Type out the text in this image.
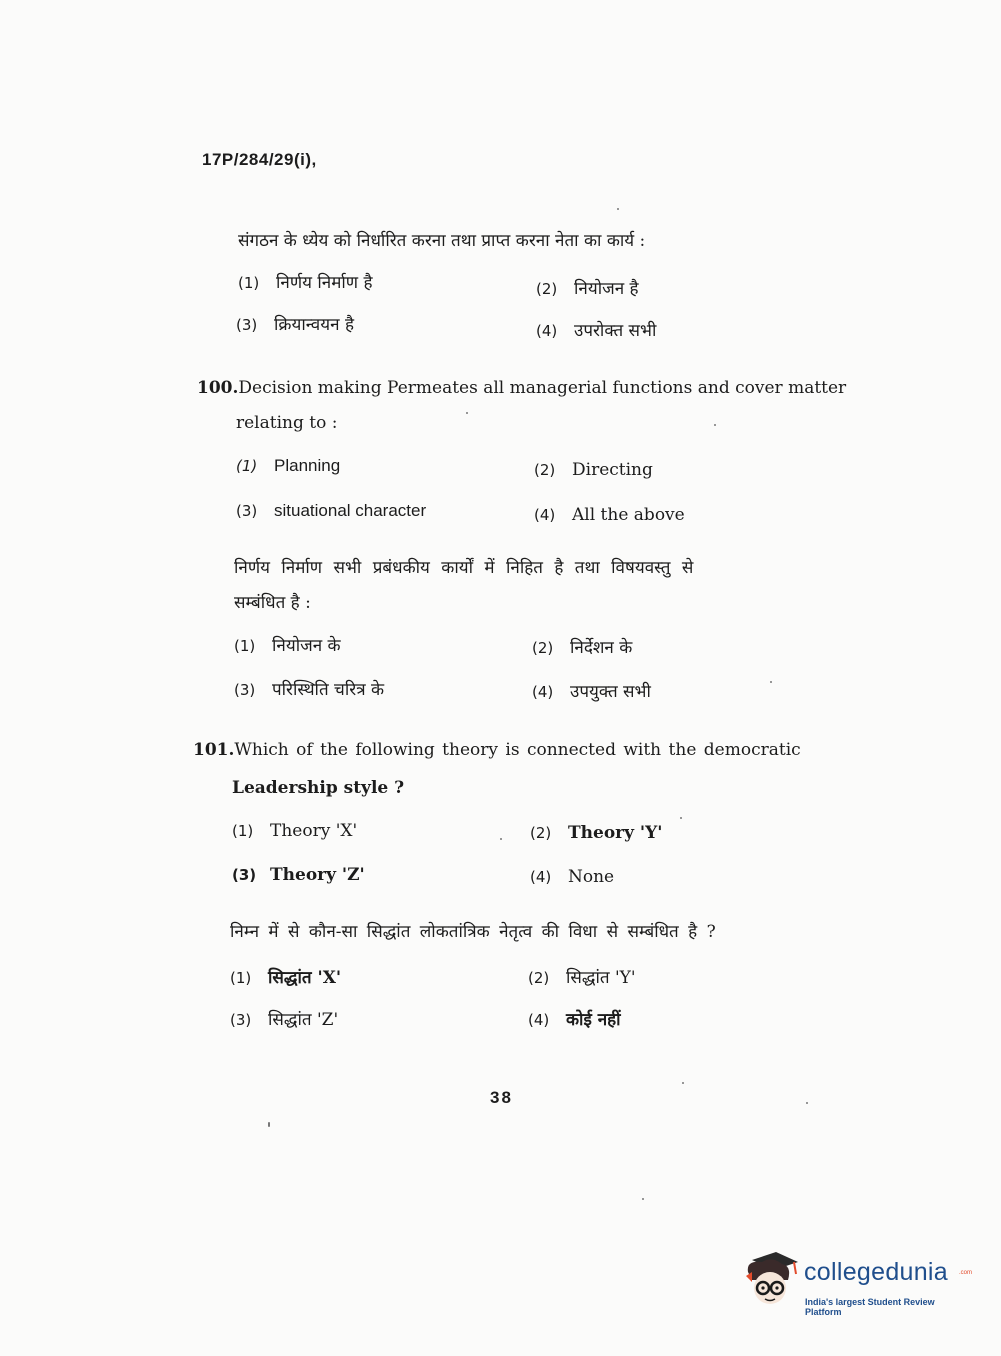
17P/284/29(i),
संगठन के ध्येय को निर्धारित करना तथा प्राप्त करना नेता का कार्य :
(1) निर्णय निर्माण है	(2) नियोजन है
(3) क्रियान्वयन है	(4) उपरोक्त सभी
100.Decision making Permeates all managerial functions and cover matter
relating to :
(1) Planning	(2) Directing
(3) situational character	(4) All the above
निर्णय निर्माण सभी प्रबंधकीय कार्यों में निहित है तथा विषयवस्तु से
सम्बंधित है :
(1) नियोजन के	(2) निर्देशन के
(3) परिस्थिति चरित्र के	(4) उपयुक्त सभी
101.Which of the following theory is connected with the democratic
Leadership style ?
(1) Theory 'X'	(2) Theory 'Y'
(3) Theory 'Z'	(4) None
निम्न में से कौन-सा सिद्धांत लोकतांत्रिक नेतृत्व की विधा से सम्बंधित है ?
(1) सिद्धांत 'X'	(2) सिद्धांत 'Y'
(3) सिद्धांत 'Z'	(4) कोई नहीं
38
collegedunia .com
India's largest Student Review Platform
